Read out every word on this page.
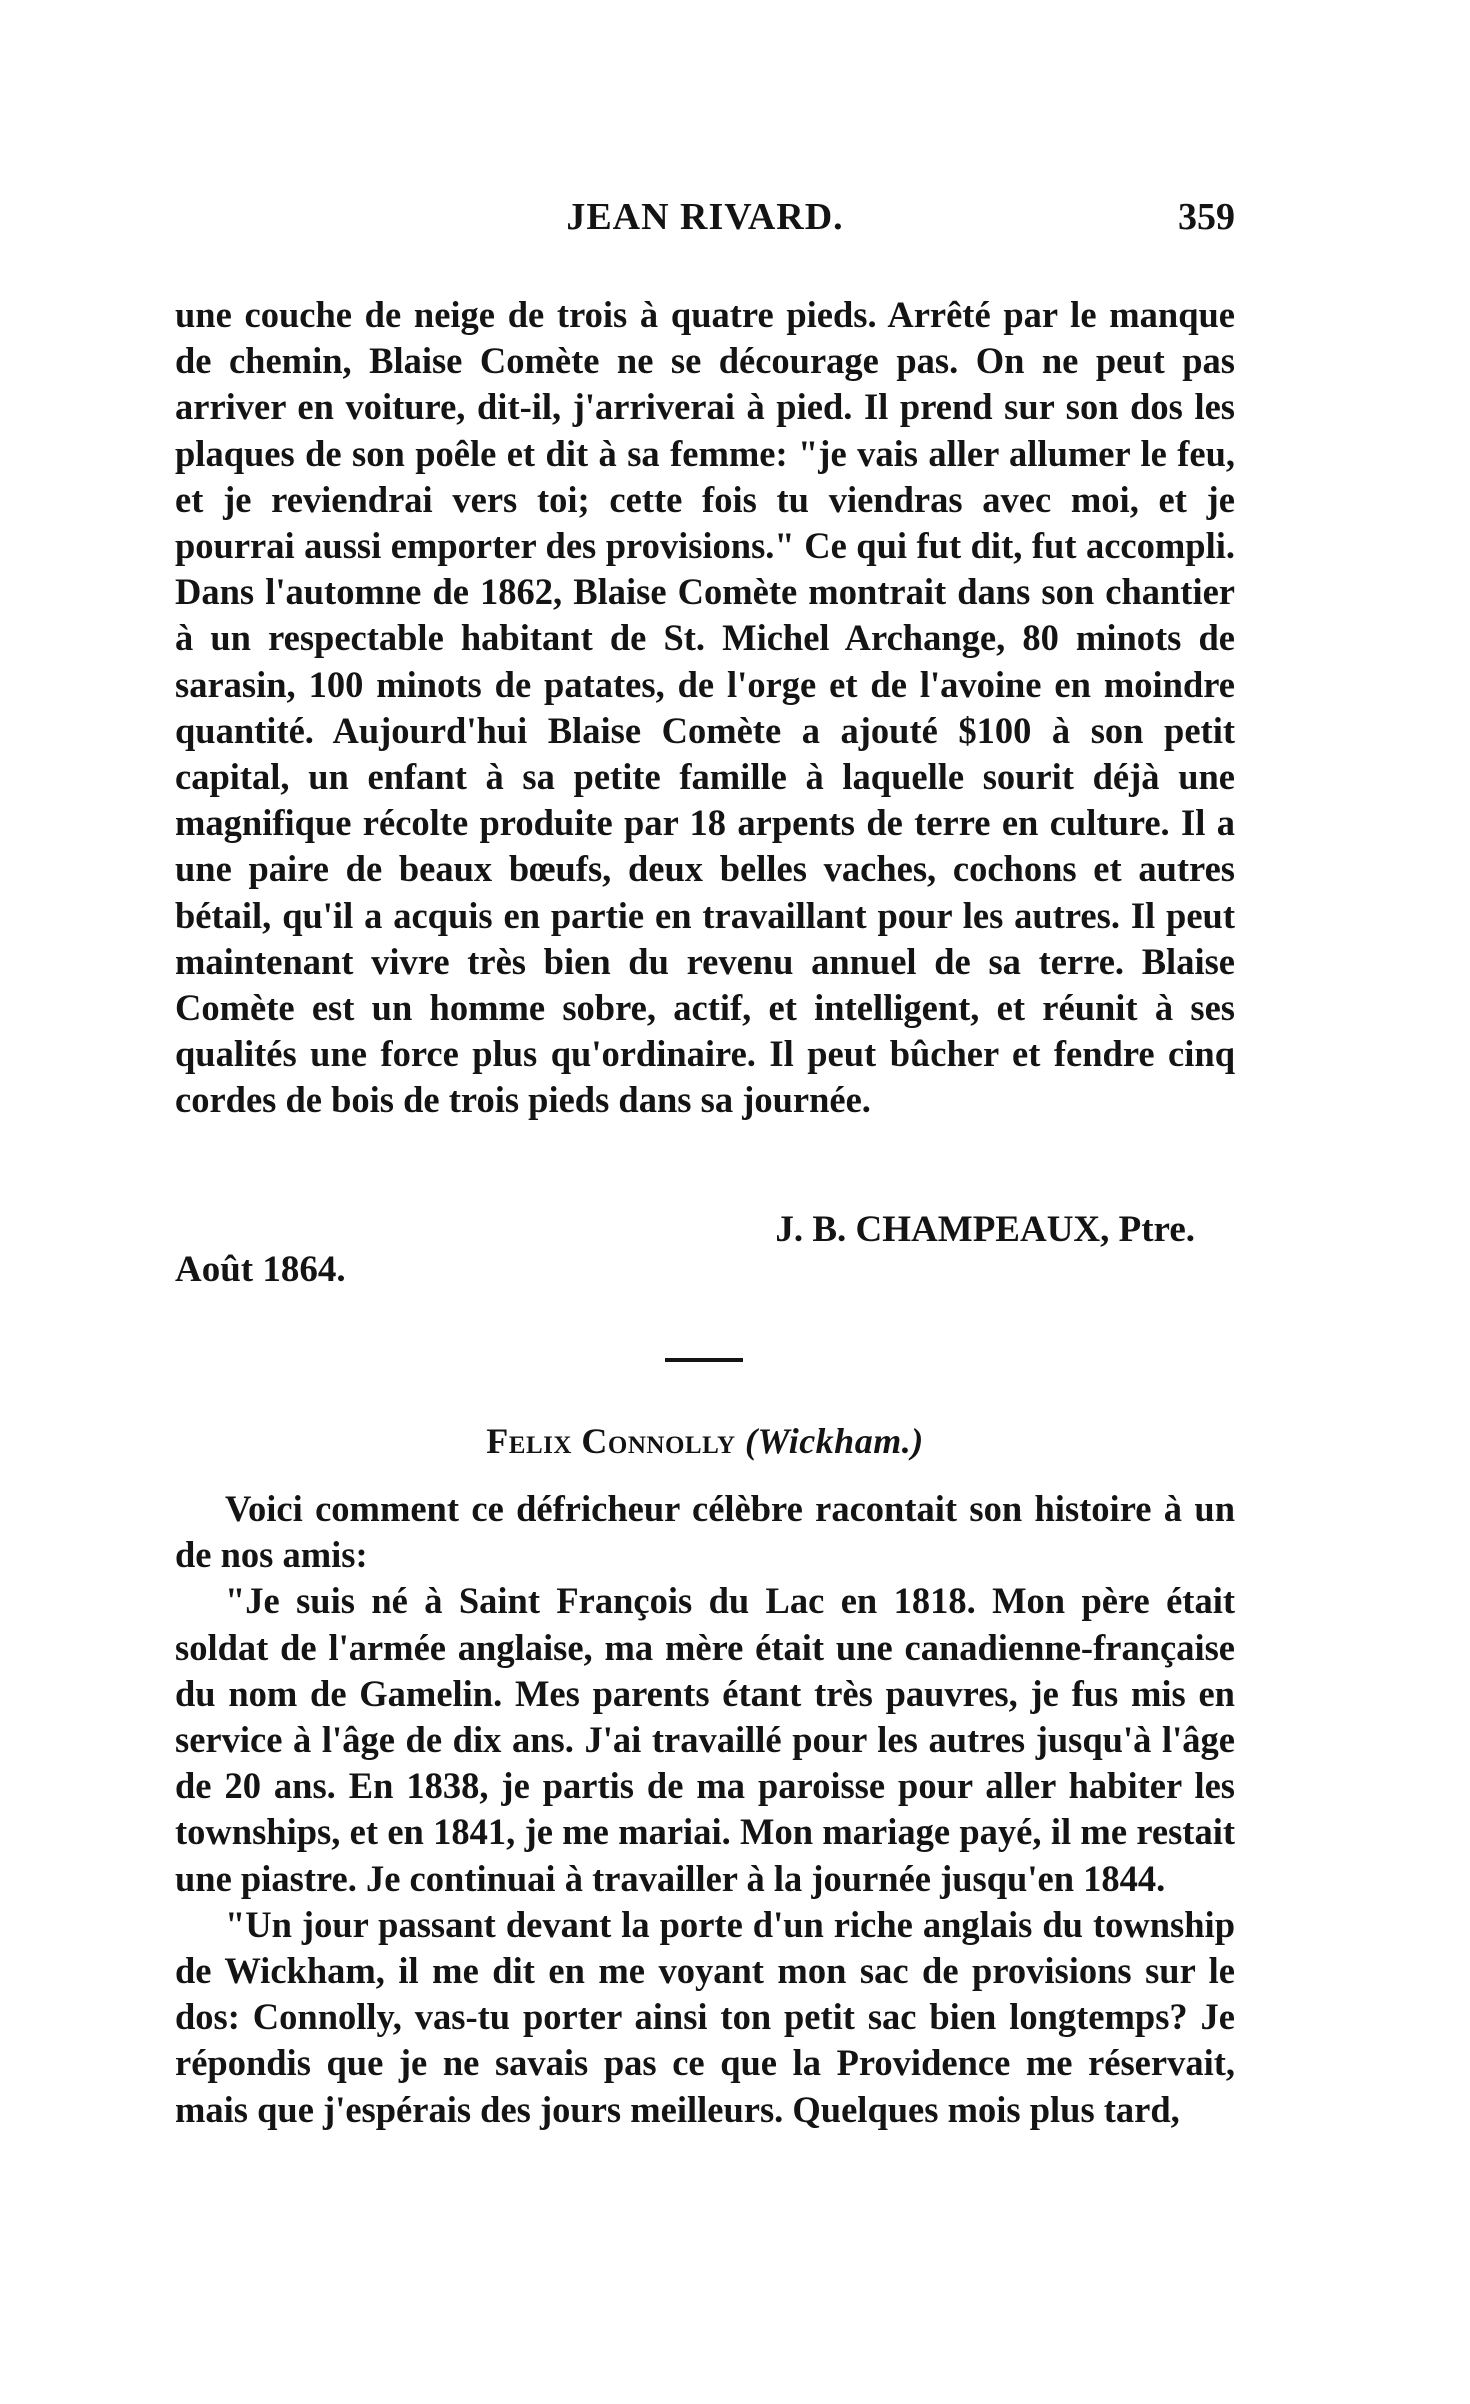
JEAN RIVARD.	359

une couche de neige de trois à quatre pieds. Arrêté par le manque de chemin, Blaise Comète ne se décourage pas. On ne peut pas arriver en voiture, dit-il, j'arriverai à pied. Il prend sur son dos les plaques de son poêle et dit à sa femme: "je vais aller allumer le feu, et je reviendrai vers toi; cette fois tu viendras avec moi, et je pourrai aussi emporter des provisions." Ce qui fut dit, fut accompli. Dans l'automne de 1862, Blaise Comète montrait dans son chantier à un respectable habitant de St. Michel Archange, 80 minots de sarasin, 100 minots de patates, de l'orge et de l'avoine en moindre quantité. Aujourd'hui Blaise Comète a ajouté $100 à son petit capital, un enfant à sa petite famille à laquelle sourit déjà une magnifique récolte produite par 18 arpents de terre en culture. Il a une paire de beaux bœufs, deux belles vaches, cochons et autres bétail, qu'il a acquis en partie en travaillant pour les autres. Il peut maintenant vivre très bien du revenu annuel de sa terre. Blaise Comète est un homme sobre, actif, et intelligent, et réunit à ses qualités une force plus qu'ordinaire. Il peut bûcher et fendre cinq cordes de bois de trois pieds dans sa journée.

J. B. CHAMPEAUX, Ptre.
Août 1864.
Felix Connolly (Wickham.)

Voici comment ce défricheur célèbre racontait son histoire à un de nos amis:

"Je suis né à Saint François du Lac en 1818. Mon père était soldat de l'armée anglaise, ma mère était une canadienne-française du nom de Gamelin. Mes parents étant très pauvres, je fus mis en service à l'âge de dix ans. J'ai travaillé pour les autres jusqu'à l'âge de 20 ans. En 1838, je partis de ma paroisse pour aller habiter les townships, et en 1841, je me mariai. Mon mariage payé, il me restait une piastre. Je continuai à travailler à la journée jusqu'en 1844.

"Un jour passant devant la porte d'un riche anglais du township de Wickham, il me dit en me voyant mon sac de provisions sur le dos: Connolly, vas-tu porter ainsi ton petit sac bien longtemps? Je répondis que je ne savais pas ce que la Providence me réservait, mais que j'espérais des jours meilleurs. Quelques mois plus tard,
